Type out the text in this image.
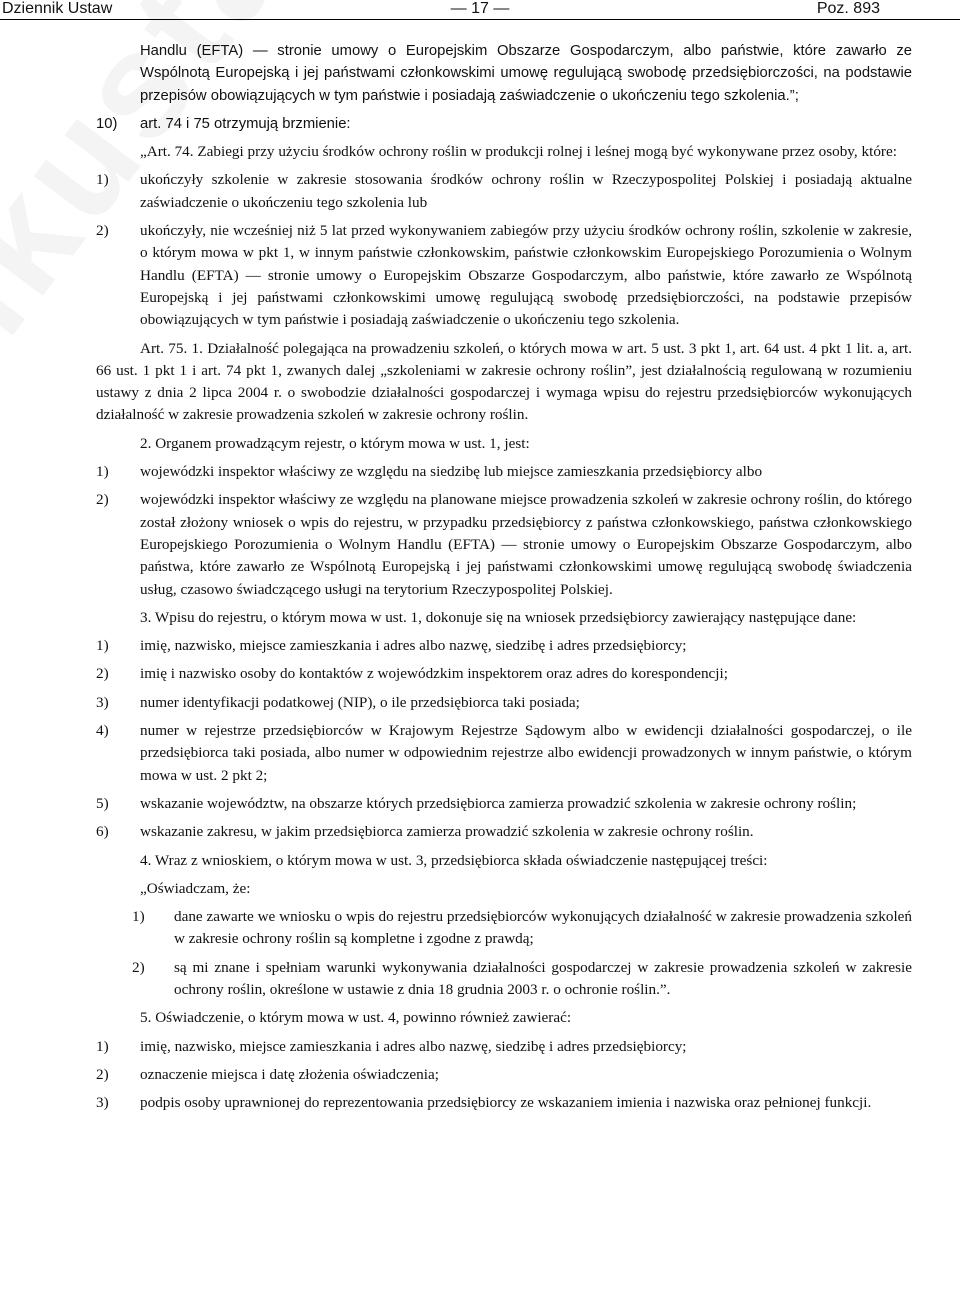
Dziennik Ustaw	— 17 —	Poz. 893

Handlu (EFTA) — stronie umowy o Europejskim Obszarze Gospodarczym, albo państwie, które zawarło ze Wspólnotą Europejską i jej państwami członkowskimi umowę regulującą swobodę przedsiębiorczości, na podstawie przepisów obowiązujących w tym państwie i posiadają zaświadczenie o ukończeniu tego szkolenia.”;

10) art. 74 i 75 otrzymują brzmienie:

„Art. 74. Zabiegi przy użyciu środków ochrony roślin w produkcji rolnej i leśnej mogą być wykonywane przez osoby, które:

1) ukończyły szkolenie w zakresie stosowania środków ochrony roślin w Rzeczypospolitej Polskiej i posiadają aktualne zaświadczenie o ukończeniu tego szkolenia lub
2) ukończyły, nie wcześniej niż 5 lat przed wykonywaniem zabiegów przy użyciu środków ochrony roślin, szkolenie w zakresie, o którym mowa w pkt 1, w innym państwie członkowskim, państwie członkowskim Europejskiego Porozumienia o Wolnym Handlu (EFTA) — stronie umowy o Europejskim Obszarze Gospodarczym, albo państwie, które zawarło ze Wspólnotą Europejską i jej państwami członkowskimi umowę regulującą swobodę przedsiębiorczości, na podstawie przepisów obowiązujących w tym państwie i posiadają zaświadczenie o ukończeniu tego szkolenia.

Art. 75. 1. Działalność polegająca na prowadzeniu szkoleń, o których mowa w art. 5 ust. 3 pkt 1, art. 64 ust. 4 pkt 1 lit. a, art. 66 ust. 1 pkt 1 i art. 74 pkt 1, zwanych dalej „szkoleniami w zakresie ochrony roślin”, jest działalnością regulowaną w rozumieniu ustawy z dnia 2 lipca 2004 r. o swobodzie działalności gospodarczej i wymaga wpisu do rejestru przedsiębiorców wykonujących działalność w zakresie prowadzenia szkoleń w zakresie ochrony roślin.

2. Organem prowadzącym rejestr, o którym mowa w ust. 1, jest:

1) wojewódzki inspektor właściwy ze względu na siedzibę lub miejsce zamieszkania przedsiębiorcy albo
2) wojewódzki inspektor właściwy ze względu na planowane miejsce prowadzenia szkoleń w zakresie ochrony roślin, do którego został złożony wniosek o wpis do rejestru, w przypadku przedsiębiorcy z państwa członkowskiego, państwa członkowskiego Europejskiego Porozumienia o Wolnym Handlu (EFTA) — stronie umowy o Europejskim Obszarze Gospodarczym, albo państwa, które zawarło ze Wspólnotą Europejską i jej państwami członkowskimi umowę regulującą swobodę świadczenia usług, czasowo świadczącego usługi na terytorium Rzeczypospolitej Polskiej.

3. Wpisu do rejestru, o którym mowa w ust. 1, dokonuje się na wniosek przedsiębiorcy zawierający następujące dane:

1) imię, nazwisko, miejsce zamieszkania i adres albo nazwę, siedzibę i adres przedsiębiorcy;
2) imię i nazwisko osoby do kontaktów z wojewódzkim inspektorem oraz adres do korespondencji;
3) numer identyfikacji podatkowej (NIP), o ile przedsiębiorca taki posiada;
4) numer w rejestrze przedsiębiorców w Krajowym Rejestrze Sądowym albo w ewidencji działalności gospodarczej, o ile przedsiębiorca taki posiada, albo numer w odpowiednim rejestrze albo ewidencji prowadzonych w innym państwie, o którym mowa w ust. 2 pkt 2;
5) wskazanie województw, na obszarze których przedsiębiorca zamierza prowadzić szkolenia w zakresie ochrony roślin;
6) wskazanie zakresu, w jakim przedsiębiorca zamierza prowadzić szkolenia w zakresie ochrony roślin.

4. Wraz z wnioskiem, o którym mowa w ust. 3, przedsiębiorca składa oświadczenie następującej treści:

„Oświadczam, że:

1) dane zawarte we wniosku o wpis do rejestru przedsiębiorców wykonujących działalność w zakresie prowadzenia szkoleń w zakresie ochrony roślin są kompletne i zgodne z prawdą;
2) są mi znane i spełniam warunki wykonywania działalności gospodarczej w zakresie prowadzenia szkoleń w zakresie ochrony roślin, określone w ustawie z dnia 18 grudnia 2003 r. o ochronie roślin.”.

5. Oświadczenie, o którym mowa w ust. 4, powinno również zawierać:

1) imię, nazwisko, miejsce zamieszkania i adres albo nazwę, siedzibę i adres przedsiębiorcy;
2) oznaczenie miejsca i datę złożenia oświadczenia;
3) podpis osoby uprawnionej do reprezentowania przedsiębiorcy ze wskazaniem imienia i nazwiska oraz pełnionej funkcji.
